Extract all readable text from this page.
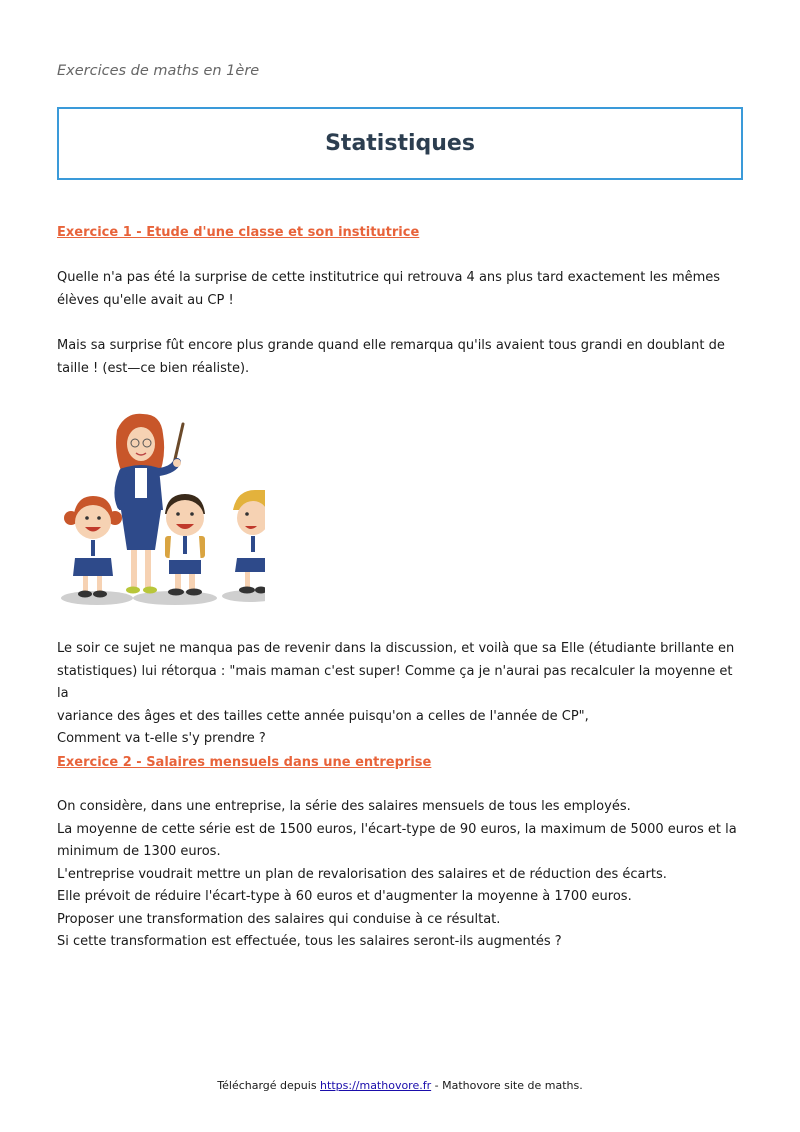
Exercices de maths en 1ère
Statistiques
Exercice 1 - Etude d'une classe et son institutrice

Quelle n'a pas été la surprise de cette institutrice qui retrouva 4 ans plus tard exactement les mêmes
élèves qu'elle avait au CP !

Mais sa surprise fût encore plus grande quand elle remarqua qu'ils avaient tous grandi en doublant de
taille ! (est—ce bien réaliste).

Le soir ce sujet ne manqua pas de revenir dans la discussion, et voilà que sa Elle (étudiante brillante en
statistiques) lui rétorqua : "mais maman c'est super! Comme ça je n'aurai pas recalculer la moyenne et la
variance des âges et des tailles cette année puisqu'on a celles de l'année de CP",
Comment va t-elle s'y prendre ?

Exercice 2 - Salaires mensuels dans une entreprise

On considère, dans une entreprise, la série des salaires mensuels de tous les employés.
La moyenne de cette série est de 1500 euros, l'écart-type de 90 euros, la maximum de 5000 euros et la
minimum de 1300 euros.
L'entreprise voudrait mettre un plan de revalorisation des salaires et de réduction des écarts.
Elle prévoit de réduire l'écart-type à 60 euros et d'augmenter la moyenne à 1700 euros.
Proposer une transformation des salaires qui conduise à ce résultat.
Si cette transformation est effectuée, tous les salaires seront-ils augmentés ?

Téléchargé depuis https://mathovore.fr - Mathovore site de maths.
